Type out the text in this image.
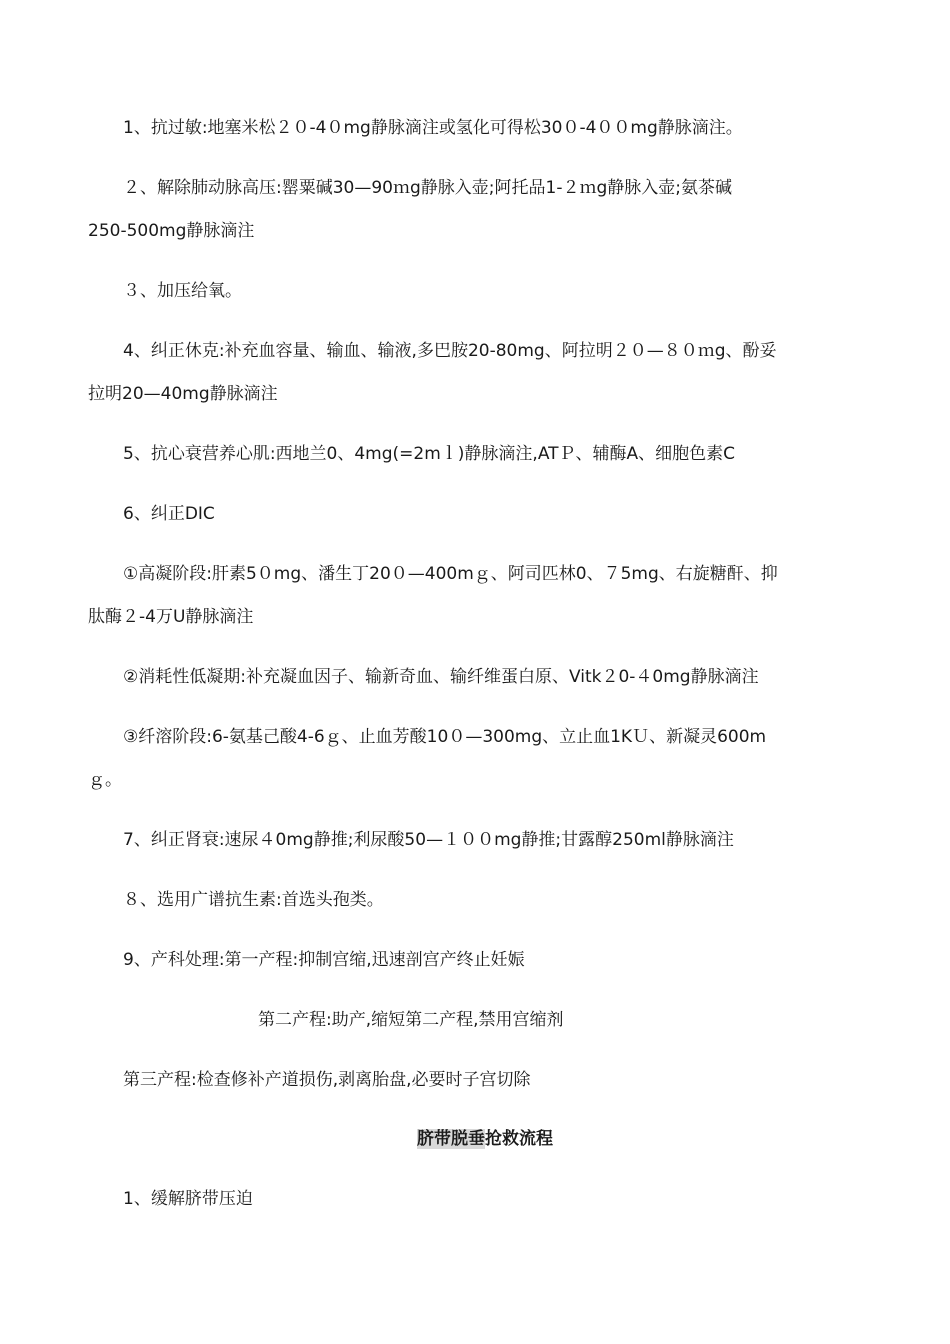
1、抗过敏:地塞米松２０-4０mg静脉滴注或氢化可得松30０-4００mg静脉滴注。
２、解除肺动脉高压:罂粟碱30—90ｍg静脉入壶;阿托品1-２ｍg静脉入壶;氨茶碱
250-500mg静脉滴注
３、加压给氧。
4、纠正休克:补充血容量、输血、输液,多巴胺20-80mg、阿拉明２０—８０ｍg、酚妥
拉明20—40mg静脉滴注
5、抗心衰营养心肌:西地兰0、4mg(=2mｌ)静脉滴注,ATＰ、辅酶A、细胞色素C
6、纠正DIC
①高凝阶段:肝素5０mg、潘生丁20０—400mｇ、阿司匹林0、７5mg、右旋糖酐、抑
肽酶２-4万U静脉滴注
②消耗性低凝期:补充凝血因子、输新奇血、输纤维蛋白原、Vitk２0-４0mg静脉滴注
③纤溶阶段:6-氨基己酸4-6ｇ、止血芳酸10０—300mg、立止血1KＵ、新凝灵600m
ｇ。
7、纠正肾衰:速尿４0mg静推;利尿酸50—１００mg静推;甘露醇250ml静脉滴注
８、选用广谱抗生素:首选头孢类。
9、产科处理:第一产程:抑制宫缩,迅速剖宫产终止妊娠
第二产程:助产,缩短第二产程,禁用宫缩剂
第三产程:检查修补产道损伤,剥离胎盘,必要时子宫切除
脐带脱垂抢救流程
1、缓解脐带压迫
